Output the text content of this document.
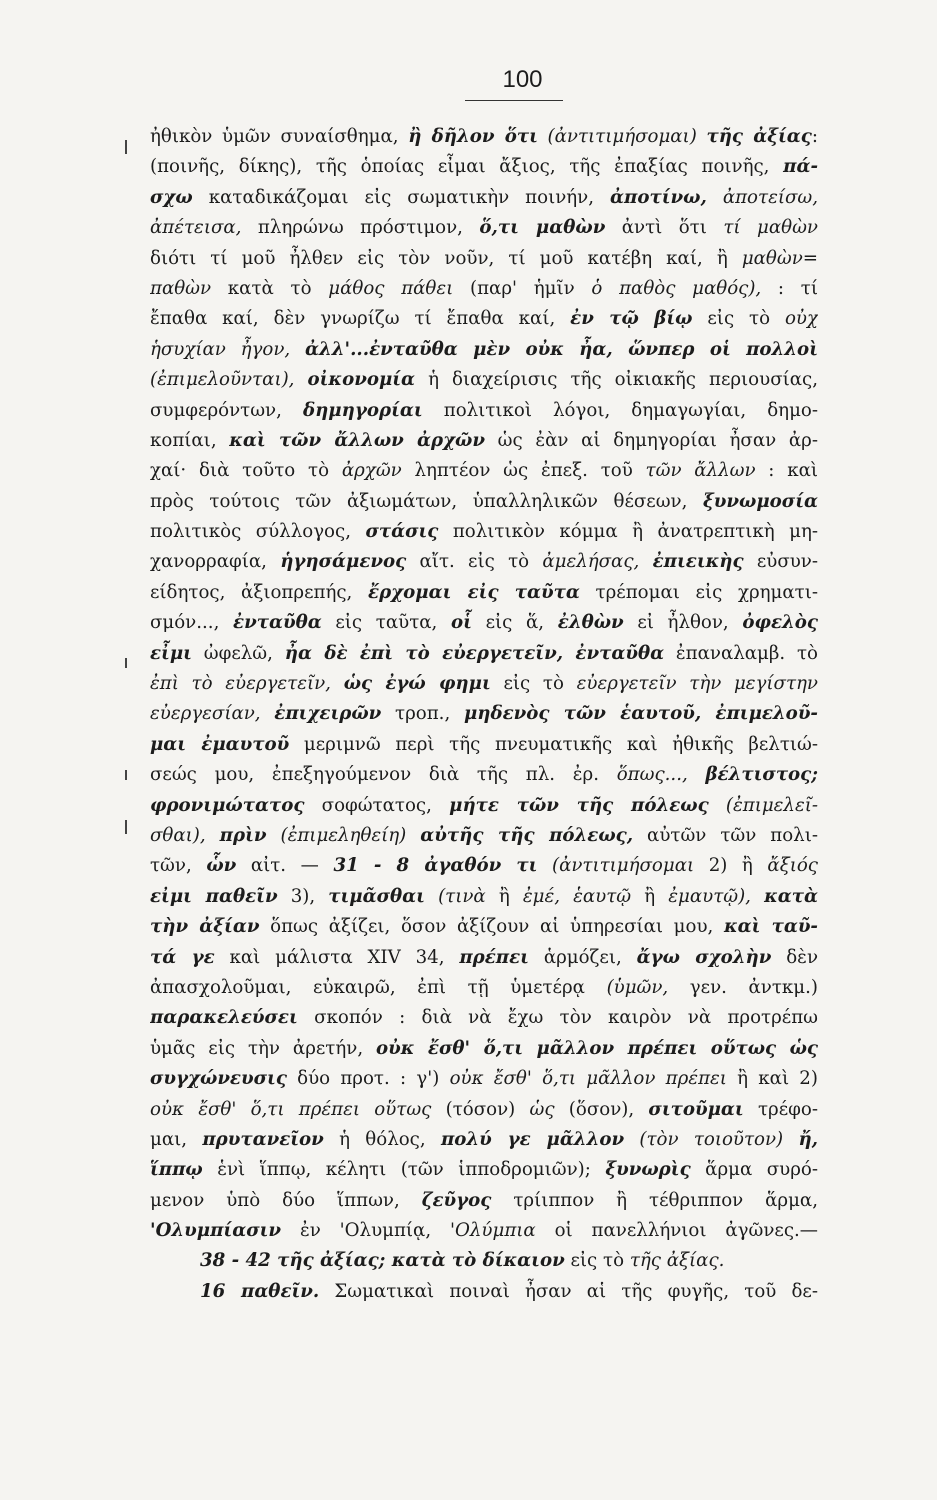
100
ἠθικὸν ὑμῶν συναίσθημα, ἢ δῆλον ὅτι (ἀντιτιμήσομαι) τῆς ἀξίας:
(ποινῆς, δίκης), τῆς ὁποίας εἶμαι ἄξιος, τῆς ἐπαξίας ποινῆς, πά-
σχω καταδικάζομαι εἰς σωματικὴν ποινήν, ἀποτίνω, ἀποτείσω,
ἀπέτεισα, πληρώνω πρόστιμον, ὅ,τι μαθὼν ἀντὶ ὅτι τί μαθὼν
διότι τί μοῦ ἦλθεν εἰς τὸν νοῦν, τί μοῦ κατέβη καί, ἢ μαθὼν=
παθὼν κατὰ τὸ μάθος πάθει (παρ' ἡμῖν ὁ παθὸς μαθός), : τί
ἔπαθα καί, δὲν γνωρίζω τί ἔπαθα καί, ἐν τῷ βίῳ εἰς τὸ οὐχ
ἡσυχίαν ἦγον, ἀλλ'...ἐνταῦθα μὲν οὐκ ἦα, ὥνπερ οἱ πολλοὶ
(ἐπιμελοῦνται), οἰκονομία ἡ διαχείρισις τῆς οἰκιακῆς περιουσίας,
συμφερόντων, δημηγορίαι πολιτικοὶ λόγοι, δημαγωγίαι, δημο-
κοπίαι, καὶ τῶν ἄλλων ἀρχῶν ὡς ἐὰν αἱ δημηγορίαι ἦσαν ἀρ-
χαί· διὰ τοῦτο τὸ ἀρχῶν ληπτέον ὡς ἐπεξ. τοῦ τῶν ἄλλων : καὶ
πρὸς τούτοις τῶν ἀξιωμάτων, ὑπαλληλικῶν θέσεων, ξυνωμοσία
πολιτικὸς σύλλογος, στάσις πολιτικὸν κόμμα ἢ ἀνατρεπτικὴ μη-
χανορραφία, ἡγησάμενος αἴτ. εἰς τὸ ἀμελήσας, ἐπιεικὴς εὐσυν-
είδητος, ἀξιοπρεπής, ἔρχομαι εἰς ταῦτα τρέπομαι εἰς χρηματι-
σμόν..., ἐνταῦθα εἰς ταῦτα, οἷ εἰς ἅ, ἐλθὼν εἰ ἦλθον, ὀφελὸς
εἶμι ὠφελῶ, ἦα δὲ ἐπὶ τὸ εὐεργετεῖν, ἐνταῦθα ἐπαναλαμβ. τὸ
ἐπὶ τὸ εὐεργετεῖν, ὡς ἐγώ φημι εἰς τὸ εὐεργετεῖν τὴν μεγίστην
εὐεργεσίαν, ἐπιχειρῶν τροπ., μηδενὸς τῶν ἑαυτοῦ, ἐπιμελοῦ-
μαι ἐμαυτοῦ μεριμνῶ περὶ τῆς πνευματικῆς καὶ ἠθικῆς βελτιώ-
σεώς μου, ἐπεξηγούμενον διὰ τῆς πλ. ἐρ. ὅπως..., βέλτιστος;
φρονιμώτατος σοφώτατος, μήτε τῶν τῆς πόλεως (ἐπιμελεῖ-
σθαι), πρὶν (ἐπιμεληθείη) αὐτῆς τῆς πόλεως, αὐτῶν τῶν πολι-
τῶν, ὧν αἰτ. — 31 - 8 ἀγαθόν τι (ἀντιτιμήσομαι 2) ἢ ἄξιός
εἰμι παθεῖν 3), τιμᾶσθαι (τινὰ ἢ ἐμέ, ἑαυτῷ ἢ ἐμαυτῷ), κατὰ
τὴν ἀξίαν ὅπως ἀξίζει, ὅσον ἀξίζουν αἱ ὑπηρεσίαι μου, καὶ ταῦ-
τά γε καὶ μάλιστα XIV 34, πρέπει ἁρμόζει, ἄγω σχολὴν δὲν
ἀπασχολοῦμαι, εὐκαιρῶ, ἐπὶ τῇ ὑμετέρᾳ (ὑμῶν, γεν. ἀντκμ.)
παρακελεύσει σκοπόν : διὰ νὰ ἔχω τὸν καιρὸν νὰ προτρέπω
ὑμᾶς εἰς τὴν ἀρετήν, οὐκ ἔσθ' ὅ,τι μᾶλλον πρέπει οὕτως ὡς
συγχώνευσις δύο προτ. : γ') οὐκ ἔσθ' ὅ,τι μᾶλλον πρέπει ἢ καὶ 2)
οὐκ ἔσθ' ὅ,τι πρέπει οὕτως (τόσον) ὡς (ὅσον), σιτοῦμαι τρέφο-
μαι, πρυτανεῖον ἡ θόλος, πολύ γε μᾶλλον (τὸν τοιοῦτον) ἤ,
ἵππῳ ἑνὶ ἵππῳ, κέλητι (τῶν ἱπποδρομιῶν); ξυνωρὶς ἅρμα συρό-
μενον ὑπὸ δύο ἵππων, ζεῦγος τρίιππον ἢ τέθριππον ἅρμα,
'Ολυμπίασιν ἐν 'Ολυμπίᾳ, 'Ολύμπια οἱ πανελλήνιοι ἀγῶνες.—
38 - 42 τῆς ἀξίας; κατὰ τὸ δίκαιον εἰς τὸ τῆς ἀξίας.
16 παθεῖν. Σωματικαὶ ποιναὶ ἦσαν αἱ τῆς φυγῆς, τοῦ δε-
